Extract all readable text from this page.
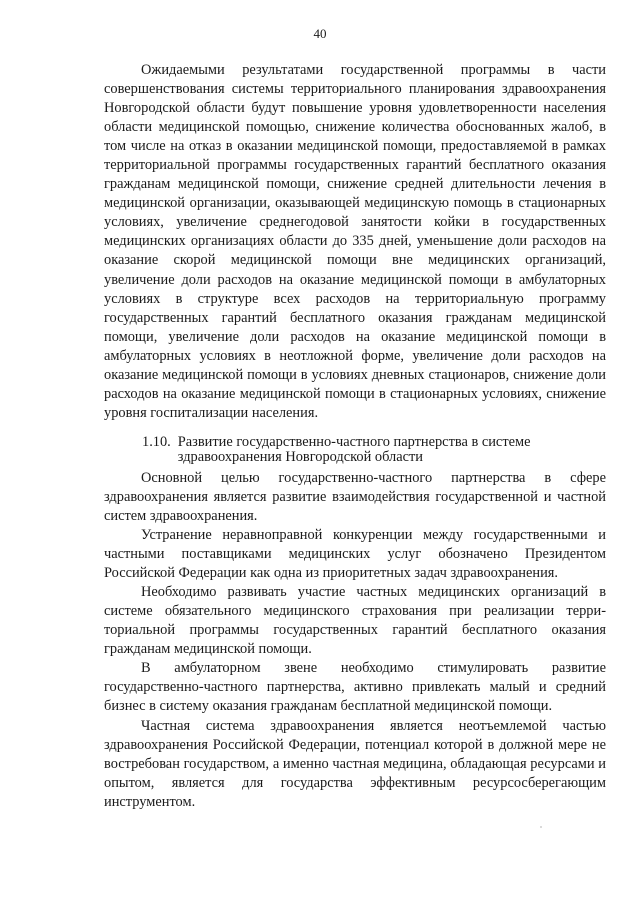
40

Ожидаемыми результатами государственной программы в части совершенствования системы территориального планирования здравоохранения Новгородской области будут повышение уровня удовлетворенности населения области медицинской помощью, снижение количества обоснованных жалоб, в том числе на отказ в оказании медицинской помощи, предоставляемой в рамках территориальной программы государственных гарантий бесплатного оказания гражданам медицинской помощи, снижение средней длительности лечения в медицинской организации, оказывающей медицинскую помощь в стационарных условиях, увеличение среднегодовой занятости койки в государственных медицинских организациях области до 335 дней, уменьшение доли расходов на оказание скорой медицинской помощи вне медицинских организаций, увеличение доли расходов на оказание медицинской помощи в амбулаторных условиях в структуре всех расходов на территориальную программу государственных гарантий бесплатного оказания гражданам медицинской помощи, увеличение доли расходов на оказание медицинской помощи в амбулаторных условиях в неотложной форме, увеличение доли расходов на оказание медицинской помощи в условиях дневных стационаров, снижение доли расходов на оказание медицинской помощи в стационарных условиях, снижение уровня госпитализации населения.

1.10. Развитие государственно-частного партнерства в системе здравоохранения Новгородской области

Основной целью государственно-частного партнерства в сфере здравоохранения является развитие взаимодействия государственной и частной систем здравоохранения.

Устранение неравноправной конкуренции между государственными и частными поставщиками медицинских услуг обозначено Президентом Российской Федерации как одна из приоритетных задач здравоохранения.

Необходимо развивать участие частных медицинских организаций в системе обязательного медицинского страхования при реализации территориальной программы государственных гарантий бесплатного оказания гражданам медицинской помощи.

В амбулаторном звене необходимо стимулировать развитие государственно-частного партнерства, активно привлекать малый и средний бизнес в систему оказания гражданам бесплатной медицинской помощи.

Частная система здравоохранения является неотъемлемой частью здравоохранения Российской Федерации, потенциал которой в должной мере не востребован государством, а именно частная медицина, обладающая ресурсами и опытом, является для государства эффективным ресурсосберегающим инструментом.
